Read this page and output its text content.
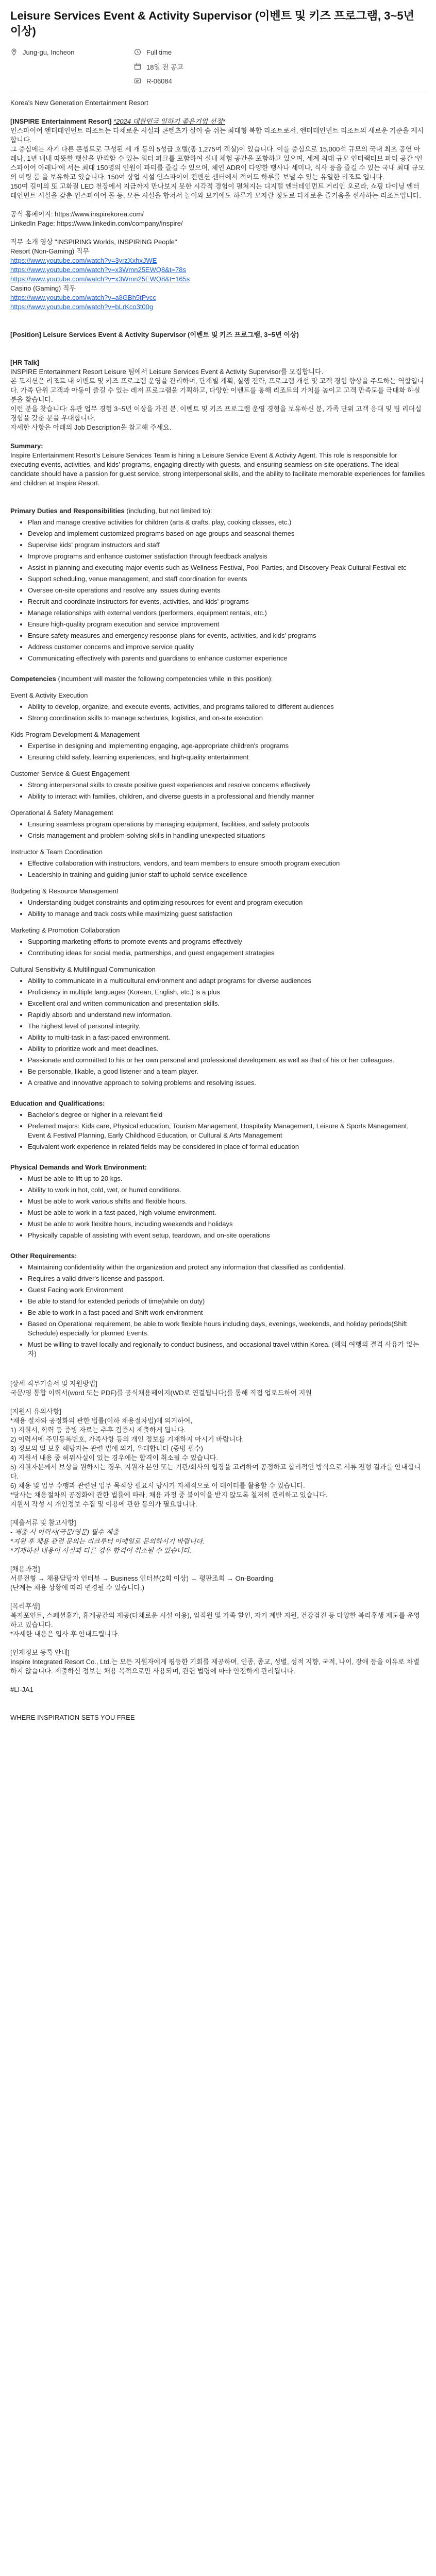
Leisure Services Event & Activity Supervisor (이벤트 및 키즈 프로그램, 3~5년 이상)
Jung-gu, Incheon	Full time
18일 전 공고
R-06084

Korea's New Generation Entertainment Resort

[INSPIRE Entertainment Resort] *2024 대한민국 일하기 좋은기업 선정*

인스파이어 엔터테인먼트 리조트는 다채로운 시설과 콘텐츠가 살아 숨 쉬는 최대형 복합 리조트로서, 엔터테인먼트 리조트의 새로운 기준을 제시합니다.
그 중심에는 자기 다른 콘셉트로 구성된 세 개 동의 5성급 호텔(총 1,275여 객실)이 있습니다. 이를 중심으로 15,000석 규모의 국내 최초 공연 아레나, 1년 내내 따뜻한 햇살을 만끽할 수 있는 워터 파크를 포함하여 실내 체험 공간을 포함하고 있으며, 세계 최대 규모 인터랙티브 파티 공간 '인스파이어 아레나'에 서는 최대 150명의 인원이 파티를 즐길 수 있으며, 체인 ADR이 다양한 행사나 세미나, 식사 등을 즐길 수 있는 국내 최대 규모의 미팅 룸 을 보유하고 있습니다. 150여 상업 시설 인스파이어 컨벤션 센터에서 적어도 하루를 보낼 수 있는 유일한 리조트 입니다.

150여 길이의 또 고화질 LED 천장에서 지금까지 만나보지 못한 시각적 경험이 펼쳐지는 디지털 엔터테인먼트 거리인 오로라, 쇼핑 다이닝 엔터테인먼트 시설을 갖춘 인스파이어 몰 등, 모든 시설을 합쳐서 놀이와 보기에도 하루가 모자랄 정도로 다채로운 즐거움을 선사하는 리조트입니다.

공식 홈페이지: https://www.inspirekorea.com/

LinkedIn Page: https://www.linkedin.com/company/inspire/

직무 소개 영상 "INSPIRING Worlds, INSPIRING People"

Resort (Non-Gaming) 직무

https://www.youtube.com/watch?v=3yrzXxhxJWE

https://www.youtube.com/watch?v=x3Wmn25EWQ8&t=78s

https://www.youtube.com/watch?v=x3Wmn25EWQ8&t=165s

Casino (Gaming) 직무

https://www.youtube.com/watch?v=a8GBh5tPvcc

https://www.youtube.com/watch?v=bLrKco3t00g

[Position] Leisure Services Event & Activity Supervisor (이벤트 및 키즈 프로그램, 3~5년 이상)

[HR Talk]

INSPIRE Entertainment Resort Leisure 팀에서 Leisure Services Event & Activity Supervisor를 모집합니다.
본 포지션은 리조트 내 이벤트 및 키즈 프로그램 운영을 관리하며, 단계별 계획, 실행 전략, 프로그램 개선 및 고객 경험 향상을 주도하는 역할입니다. 가족 단위 고객과 아동이 즐길 수 있는 레저 프로그램을 기획하고, 다양한 이벤트를 통해 리조트의 가치를 높이고 고객 만족도를 극대화 하실 분을 찾습니다.
이런 분을 찾습니다: 유관 업무 경험 3~5년 이상을 가진 분, 이벤트 및 키즈 프로그램 운영 경험을 보유하신 분, 가족 단위 고객 응대 및 팀 리더십 경험을 갖춘 분을 우대합니다.
자세한 사항은 아래의 Job Description을 참고해 주세요.

Summary:

Inspire Entertainment Resort's Leisure Services Team is hiring a Leisure Service Event & Activity Agent. This role is responsible for executing events, activities, and kids' programs, engaging directly with guests, and ensuring seamless on-site operations. The ideal candidate should have a passion for guest service, strong interpersonal skills, and the ability to facilitate memorable experiences for families and children at Inspire Resort.

Primary Duties and Responsibilities (including, but not limited to):

• Plan and manage creative activities for children (arts & crafts, play, cooking classes, etc.)
• Develop and implement customized programs based on age groups and seasonal themes
• Supervise kids' program instructors and staff
• Improve programs and enhance customer satisfaction through feedback analysis
• Assist in planning and executing major events such as Wellness Festival, Pool Parties, and Discovery Peak Cultural Festival etc
• Support scheduling, venue management, and staff coordination for events
• Oversee on-site operations and resolve any issues during events
• Recruit and coordinate instructors for events, activities, and kids' programs
• Manage relationships with external vendors (performers, equipment rentals, etc.)
• Ensure high-quality program execution and service improvement
• Ensure safety measures and emergency response plans for events, activities, and kids' programs
• Address customer concerns and improve service quality
• Communicating effectively with parents and guardians to enhance customer experience

Competencies (Incumbent will master the following competencies while in this position):

Event & Activity Execution

• Ability to develop, organize, and execute events, activities, and programs tailored to different audiences
• Strong coordination skills to manage schedules, logistics, and on-site execution

Kids Program Development & Management

• Expertise in designing and implementing engaging, age-appropriate children's programs
• Ensuring child safety, learning experiences, and high-quality entertainment

Customer Service & Guest Engagement

• Strong interpersonal skills to create positive guest experiences and resolve concerns effectively
• Ability to interact with families, children, and diverse guests in a professional and friendly manner

Operational & Safety Management

• Ensuring seamless program operations by managing equipment, facilities, and safety protocols
• Crisis management and problem-solving skills in handling unexpected situations

Instructor & Team Coordination

• Effective collaboration with instructors, vendors, and team members to ensure smooth program execution
• Leadership in training and guiding junior staff to uphold service excellence

Budgeting & Resource Management

• Understanding budget constraints and optimizing resources for event and program execution
• Ability to manage and track costs while maximizing guest satisfaction

Marketing & Promotion Collaboration

• Supporting marketing efforts to promote events and programs effectively
• Contributing ideas for social media, partnerships, and guest engagement strategies

Cultural Sensitivity & Multilingual Communication

• Ability to communicate in a multicultural environment and adapt programs for diverse audiences
• Proficiency in multiple languages (Korean, English, etc.) is a plus
• Excellent oral and written communication and presentation skills.
• Rapidly absorb and understand new information.
• The highest level of personal integrity.
• Ability to multi-task in a fast-paced environment.
• Ability to prioritize work and meet deadlines.
• Passionate and committed to his or her own personal and professional development as well as that of his or her colleagues.
• Be personable, likable, a good listener and a team player.
• A creative and innovative approach to solving problems and resolving issues.

Education and Qualifications:

• Bachelor's degree or higher in a relevant field
• Preferred majors: Kids care, Physical education, Tourism Management, Hospitality Management, Leisure & Sports Management, Event & Festival Planning, Early Childhood Education, or Cultural & Arts Management
• Equivalent work experience in related fields may be considered in place of formal education

Physical Demands and Work Environment:

• Must be able to lift up to 20 kgs.
• Ability to work in hot, cold, wet, or humid conditions.
• Must be able to work various shifts and flexible hours.
• Must be able to work in a fast-paced, high-volume environment.
• Must be able to work flexible hours, including weekends and holidays
• Physically capable of assisting with event setup, teardown, and on-site operations

Other Requirements:

• Maintaining confidentiality within the organization and protect any information that classified as confidential.
• Requires a valid driver's license and passport.
• Guest Facing work Environment
• Be able to stand for extended periods of time(while on duty)
• Be able to work in a fast-paced and Shift work environment
• Based on Operational requirement, be able to work flexible hours including days, evenings, weekends, and holiday periods(Shift Schedule) especially for planned Events.
• Must be willing to travel locally and regionally to conduct business, and occasional travel within Korea. (해외 여행의 결격 사유가 없는 자)

[상세 직무기술서 및 지원방법]

국문/영 통합 이력서(word 또는 PDF)를 공식채용페이지(WD로 연결됩니다)를 통해 직접 업로드하여 지원

[지원시 유의사항]

*채용 절차와 공정화의 관한 법률(이하 채용절차법)에 의거하여,
1) 지원서, 학력 등 증빙 자료는 추후 검증시 제출하게 됩니다.
2) 이력서에 주민등록번호, 가족사항 등의 개인 정보를 기재하지 마시기 바랍니다.
3) 정보의 및 보훈 해당자는 관련 법에 의거, 우대합니다 (증빙 필수)
4) 지원서 내용 중 허위사실이 있는 경우에는 합격이 취소될 수 있습니다.
5) 지원자분께서 보상을 원하시는 경우, 지원자 본인 또는 기관/회사의 입장을 고려하여 공정하고 합리적인 방식으로 서류 전형 결과를 안내합니다.
6) 채용 및 업무 수행과 관련된 업무 목적상 필요시 당사가 자체적으로 이 데이터를 활용할 수 있습니다.
*당사는 채용절차의 공정화에 관한 법률에 따라, 채용 과정 중 불이익을 받지 않도록 철저히 관리하고 있습니다.
지원서 작성 시 개인정보 수집 및 이용에 관한 동의가 필요합니다.

[제출서류 및 참고사항]

- 제출 시 이력서(국문/영문) 필수 제출
*지원 후 채용 관련 문의는 리크루터 이메일로 문의하시기 바랍니다.
*기재하신 내용이 사실과 다른 경우 합격이 취소될 수 있습니다.

[채용과정]

서류전형 → 채용담당자 인터뷰 → Business 인터뷰(2회 이상) → 평판조회 → On-Boarding
(단계는 채용 상황에 따라 변경될 수 있습니다.)

[복리후생]

복지포인트, 스페셜휴가, 휴게공간의 제공(다채로운 시설 이용), 임직원 및 가족 할인, 자기 계발 지원, 건강검진 등 다양한 복리후생 제도를 운영하고 있습니다.
*자세한 내용은 입사 후 안내드립니다.

[인재정보 등록 안내]

Inspire Integrated Resort Co., Ltd.는 모든 지원자에게 평등한 기회를 제공하며, 인종, 종교, 성별, 성적 지향, 국적, 나이, 장애 등을 이유로 차별하지 않습니다. 제출하신 정보는 채용 목적으로만 사용되며, 관련 법령에 따라 안전하게 관리됩니다.

#LI-JA1

WHERE INSPIRATION SETS YOU FREE
